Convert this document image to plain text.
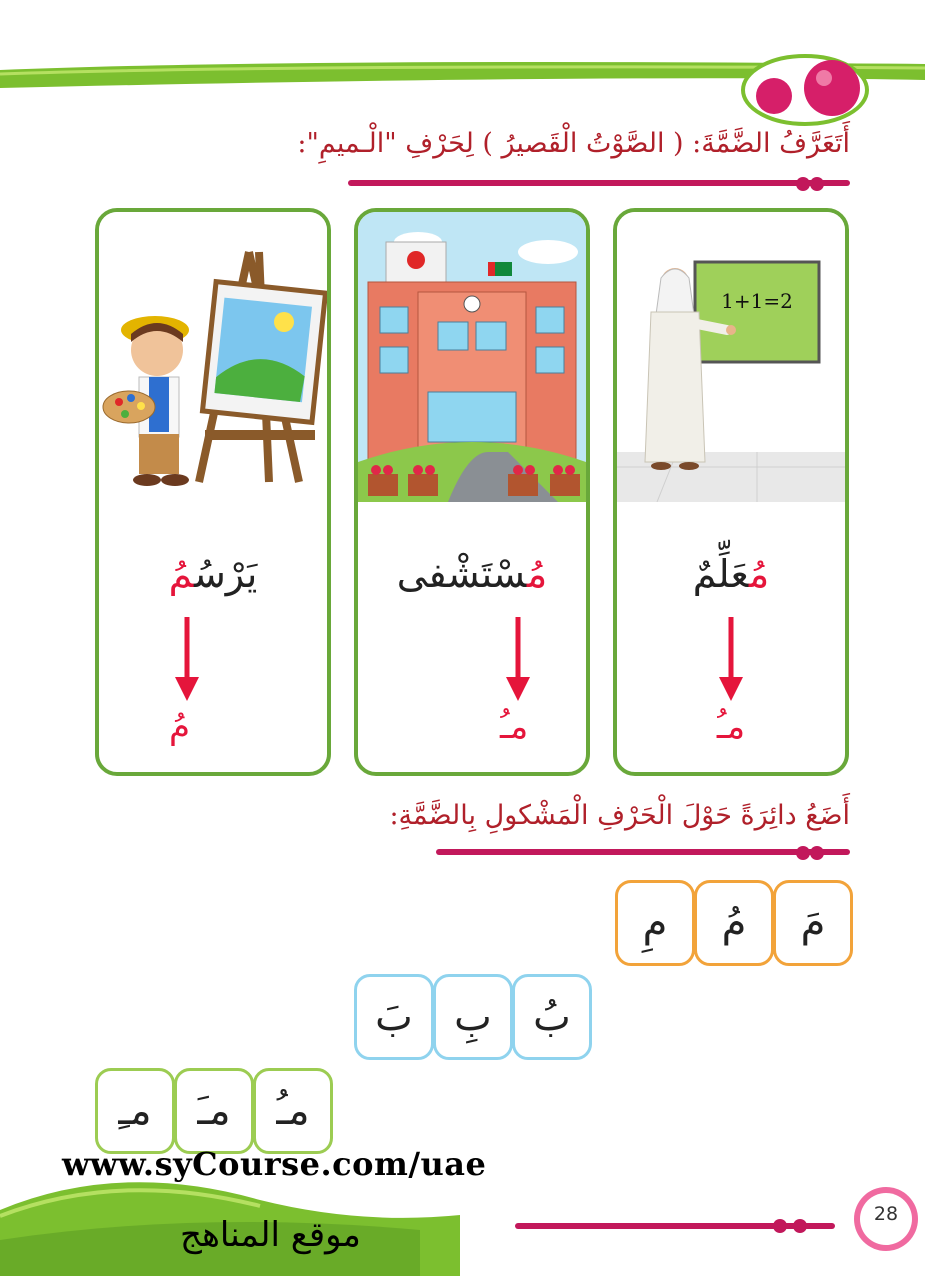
أَتَعَرَّفُ الضَّمَّةَ: ( الصَّوْتُ الْقَصيرُ ) لِحَرْفِ "الْـميمِ":
1+1=2
مُعَلِّمٌ
مـُ
مُسْتَشْفى
مـُ
يَرْسُمُ
مُ
أَضَعُ دائِرَةً حَوْلَ الْحَرْفِ الْمَشْكولِ بِالضَّمَّةِ:
مَ
مُ
مِ
بُ
بِ
بَ
مـُ
مـَ
مـِ
28
www.syCourse.com/uae
موقع المناهج
